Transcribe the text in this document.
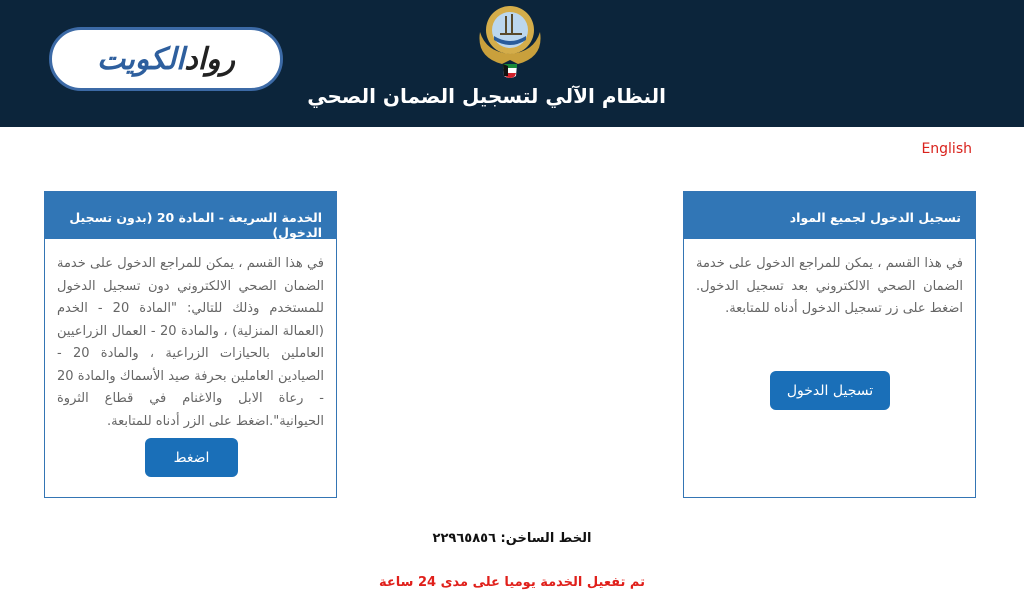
رواد
الكويت
النظام الآلي لتسجيل الضمان الصحي
English
الخدمة السريعة - المادة 20 (بدون تسجيل الدخول)
في هذا القسم ، يمكن للمراجع الدخول على خدمة الضمان الصحي الالكتروني دون تسجيل الدخول للمستخدم وذلك للتالي: "المادة 20 - الخدم (العمالة المنزلية) ، والمادة 20 - العمال الزراعيين العاملين بالحيازات الزراعية ، والمادة 20 - الصيادين العاملين بحرفة صيد الأسماك والمادة 20 - رعاة الابل والاغنام في قطاع الثروة الحيوانية".اضغط على الزر أدناه للمتابعة.
اضغط
تسجيل الدخول لجميع المواد
في هذا القسم ، يمكن للمراجع الدخول على خدمة الضمان الصحي الالكتروني بعد تسجيل الدخول. اضغط على زر تسجيل الدخول أدناه للمتابعة.
تسجيل الدخول
الخط الساخن: ٢٢٩٦٥٨٥٦
تم تفعيل الخدمة يوميا على مدى 24 ساعة
